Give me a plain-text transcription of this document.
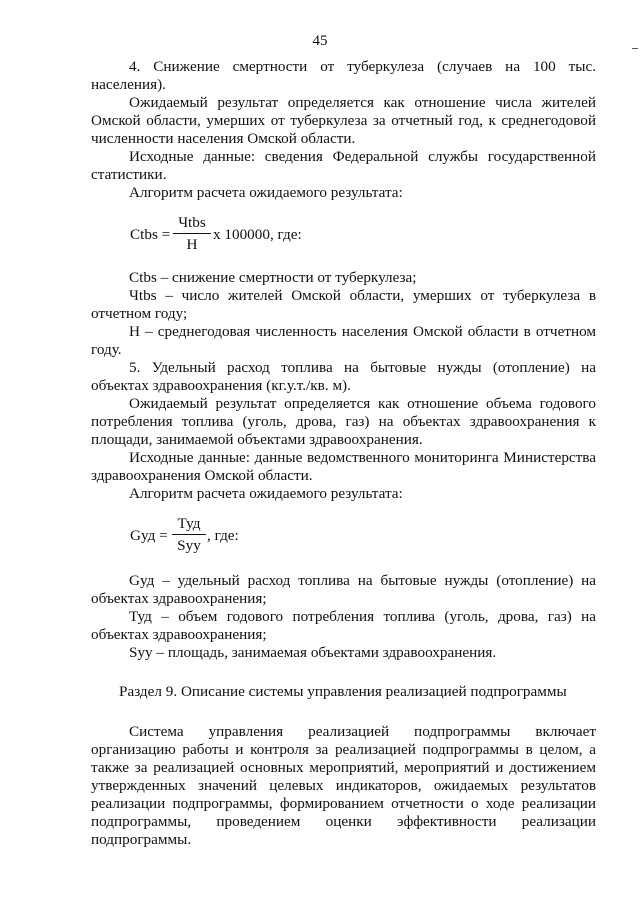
45

4. Снижение смертности от туберкулеза (случаев на 100 тыс.

населения).

Ожидаемый результат определяется как отношение числа жителей

Омской области, умерших от туберкулеза за отчетный год, к среднегодовой

численности населения Омской области.

Исходные данные: сведения Федеральной службы государственной

статистики.

Алгоритм расчета ожидаемого результата:

Ctbs =
Чtbs
Н
х 100000, где:

Ctbs – снижение смертности от туберкулеза;

Чtbs – число жителей Омской области, умерших от туберкулеза в

отчетном году;

Н – среднегодовая численность населения Омской области в отчетном

году.

5. Удельный расход топлива на бытовые нужды (отопление) на

объектах здравоохранения (кг.у.т./кв. м).

Ожидаемый результат определяется как отношение объема годового

потребления топлива (уголь, дрова, газ) на объектах здравоохранения к

площади, занимаемой объектами здравоохранения.

Исходные данные: данные ведомственного мониторинга Министерства

здравоохранения Омской области.

Алгоритм расчета ожидаемого результата:

Gуд =
Туд
Sуу
, где:

Gуд – удельный расход топлива на бытовые нужды (отопление) на

объектах здравоохранения;

Туд – объем годового потребления топлива (уголь, дрова, газ) на

объектах здравоохранения;

Sуу – площадь, занимаемая объектами здравоохранения.

Раздел 9. Описание системы управления реализацией подпрограммы

Система управления реализацией подпрограммы включает

организацию работы и контроля за реализацией подпрограммы в целом, а

также за реализацией основных мероприятий, мероприятий и достижением

утвержденных значений целевых индикаторов, ожидаемых результатов

реализации подпрограммы, формированием отчетности о ходе реализации

подпрограммы, проведением оценки эффективности реализации

подпрограммы.
